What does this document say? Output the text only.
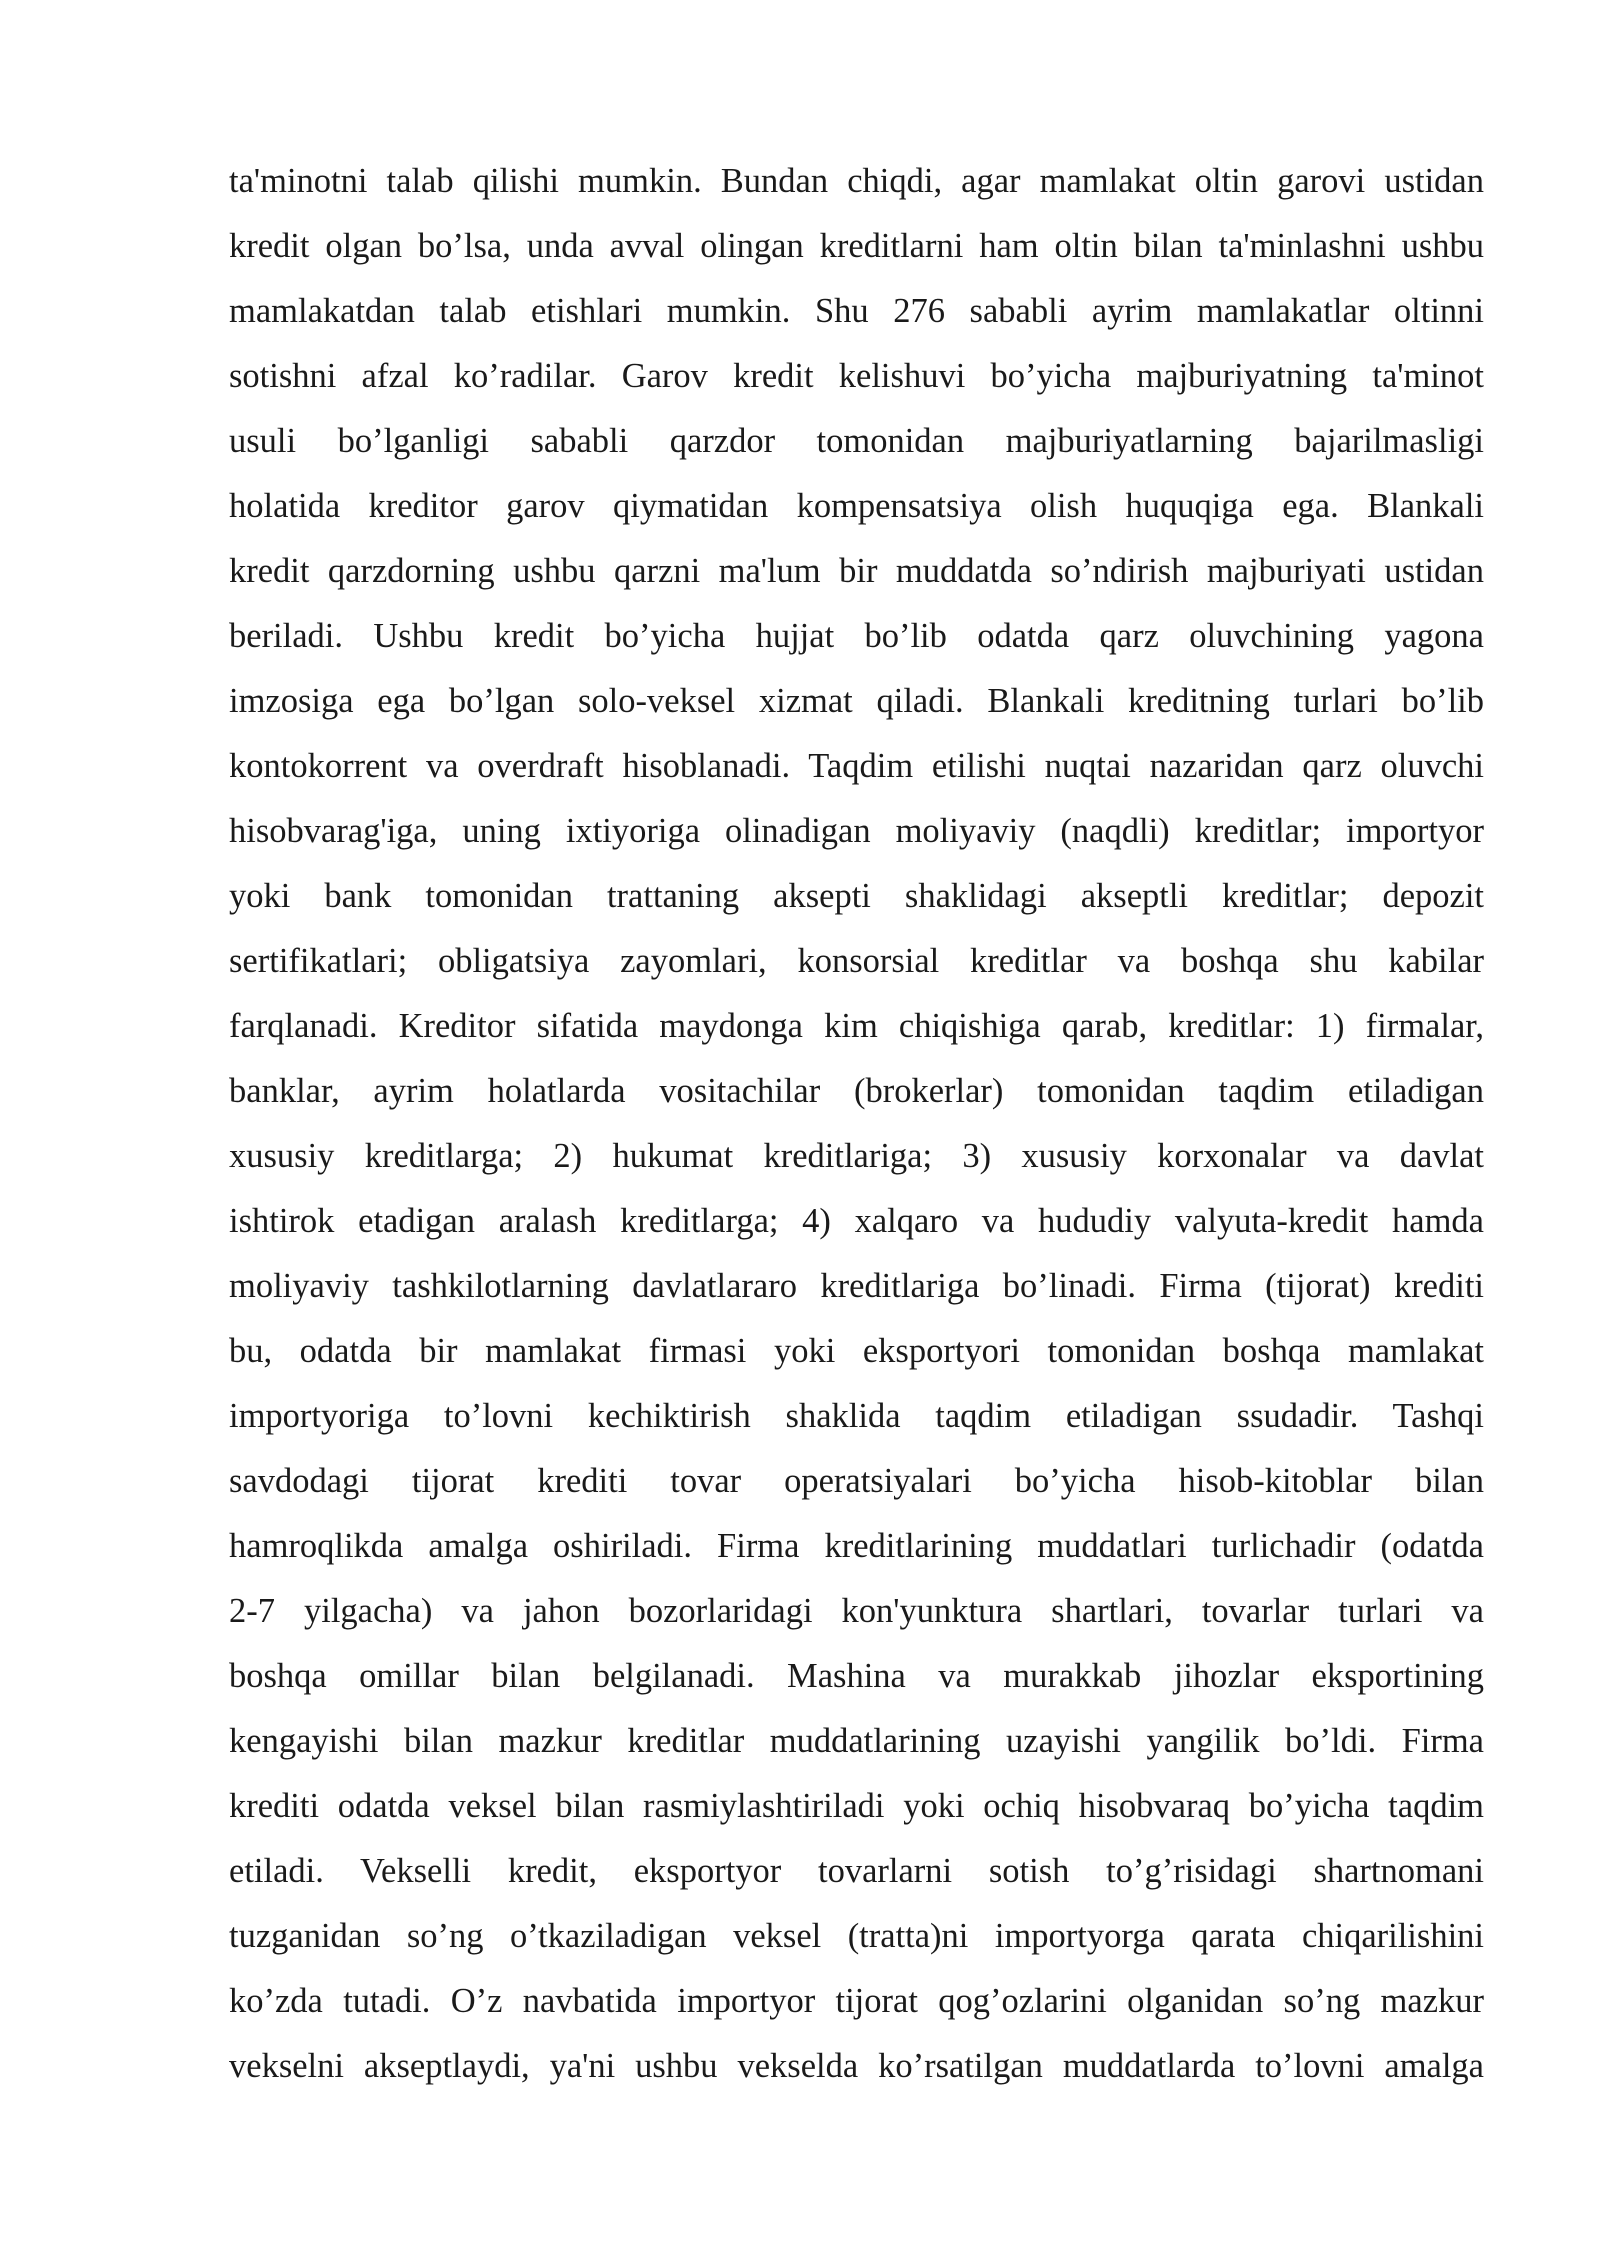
ta'minotni talab qilishi mumkin. Bundan chiqdi, agar mamlakat oltin garovi ustidan
kredit olgan bo’lsa, unda avval olingan kreditlarni ham oltin bilan ta'minlashni ushbu
mamlakatdan talab etishlari mumkin. Shu 276 sababli ayrim mamlakatlar oltinni
sotishni afzal ko’radilar. Garov kredit kelishuvi bo’yicha majburiyatning ta'minot
usuli bo’lganligi sababli qarzdor tomonidan majburiyatlarning bajarilmasligi
holatida kreditor garov qiymatidan kompensatsiya olish huquqiga ega. Blankali
kredit qarzdorning ushbu qarzni ma'lum bir muddatda so’ndirish majburiyati ustidan
beriladi. Ushbu kredit bo’yicha hujjat bo’lib odatda qarz oluvchining yagona
imzosiga ega bo’lgan solo-veksel xizmat qiladi. Blankali kreditning turlari bo’lib
kontokorrent va overdraft hisoblanadi. Taqdim etilishi nuqtai nazaridan qarz oluvchi
hisobvarag'iga, uning ixtiyoriga olinadigan moliyaviy (naqdli) kreditlar; importyor
yoki bank tomonidan trattaning aksepti shaklidagi akseptli kreditlar; depozit
sertifikatlari; obligatsiya zayomlari, konsorsial kreditlar va boshqa shu kabilar
farqlanadi. Kreditor sifatida maydonga kim chiqishiga qarab, kreditlar: 1) firmalar,
banklar, ayrim holatlarda vositachilar (brokerlar) tomonidan taqdim etiladigan
xususiy kreditlarga; 2) hukumat kreditlariga; 3) xususiy korxonalar va davlat
ishtirok etadigan aralash kreditlarga; 4) xalqaro va hududiy valyuta-kredit hamda
moliyaviy tashkilotlarning davlatlararo kreditlariga bo’linadi. Firma (tijorat) krediti
bu, odatda bir mamlakat firmasi yoki eksportyori tomonidan boshqa mamlakat
importyoriga to’lovni kechiktirish shaklida taqdim etiladigan ssudadir. Tashqi
savdodagi tijorat krediti tovar operatsiyalari bo’yicha hisob-kitoblar bilan
hamroqlikda amalga oshiriladi. Firma kreditlarining muddatlari turlichadir (odatda
2-7 yilgacha) va jahon bozorlaridagi kon'yunktura shartlari, tovarlar turlari va
boshqa omillar bilan belgilanadi. Mashina va murakkab jihozlar eksportining
kengayishi bilan mazkur kreditlar muddatlarining uzayishi yangilik bo’ldi. Firma
krediti odatda veksel bilan rasmiylashtiriladi yoki ochiq hisobvaraq bo’yicha taqdim
etiladi. Vekselli kredit, eksportyor tovarlarni sotish to’g’risidagi shartnomani
tuzganidan so’ng o’tkaziladigan veksel (tratta)ni importyorga qarata chiqarilishini
ko’zda tutadi. O’z navbatida importyor tijorat qog’ozlarini olganidan so’ng mazkur
vekselni akseptlaydi, ya'ni ushbu vekselda ko’rsatilgan muddatlarda to’lovni amalga
